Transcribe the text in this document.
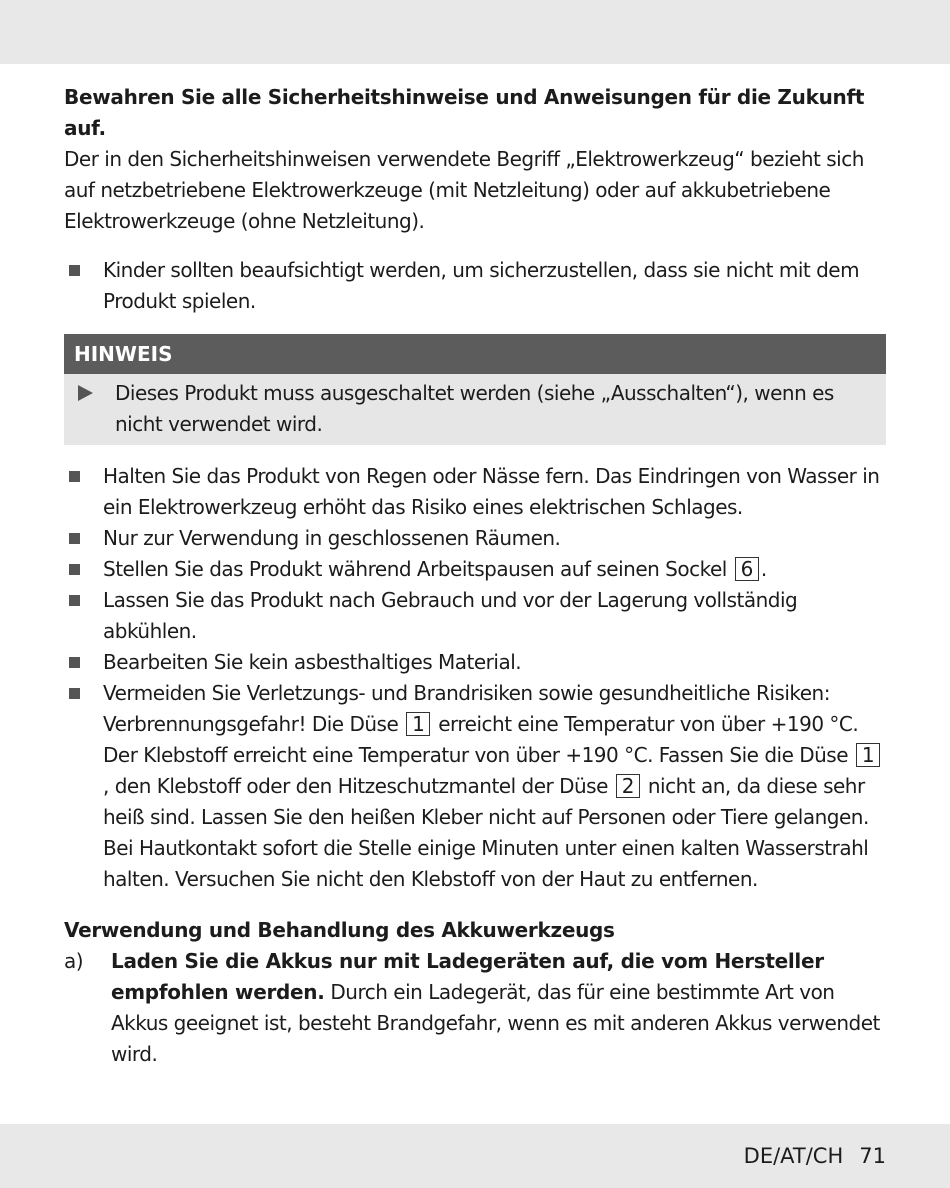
Bewahren Sie alle Sicherheitshinweise und Anweisungen für die Zukunft auf.

Der in den Sicherheitshinweisen verwendete Begriff „Elektrowerkzeug“ bezieht sich auf netzbetriebene Elektrowerkzeuge (mit Netzleitung) oder auf akkubetriebene Elektrowerkzeuge (ohne Netzleitung).

Kinder sollten beaufsichtigt werden, um sicherzustellen, dass sie nicht mit dem Produkt spielen.
HINWEIS
Dieses Produkt muss ausgeschaltet werden (siehe „Ausschalten“), wenn es nicht verwendet wird.
Halten Sie das Produkt von Regen oder Nässe fern. Das Eindringen von Wasser in ein Elektrowerkzeug erhöht das Risiko eines elektrischen Schlages.
Nur zur Verwendung in geschlossenen Räumen.
Stellen Sie das Produkt während Arbeitspausen auf seinen Sockel 6 .
Lassen Sie das Produkt nach Gebrauch und vor der Lagerung vollständig abkühlen.
Bearbeiten Sie kein asbesthaltiges Material.
Vermeiden Sie Verletzungs- und Brandrisiken sowie gesundheitliche Risiken: Verbrennungsgefahr! Die Düse 1 erreicht eine Temperatur von über +190 °C. Der Klebstoff erreicht eine Temperatur von über +190 °C. Fassen Sie die Düse 1, den Klebstoff oder den Hitzeschutzmantel der Düse 2 nicht an, da diese sehr heiß sind. Lassen Sie den heißen Kleber nicht auf Personen oder Tiere gelangen. Bei Hautkontakt sofort die Stelle einige Minuten unter einen kalten Wasserstrahl halten. Versuchen Sie nicht den Klebstoff von der Haut zu entfernen.

Verwendung und Behandlung des Akkuwerkzeugs

a) Laden Sie die Akkus nur mit Ladegeräten auf, die vom Hersteller empfohlen werden. Durch ein Ladegerät, das für eine bestimmte Art von Akkus geeignet ist, besteht Brandgefahr, wenn es mit anderen Akkus verwendet wird.
DE/AT/CH 71
